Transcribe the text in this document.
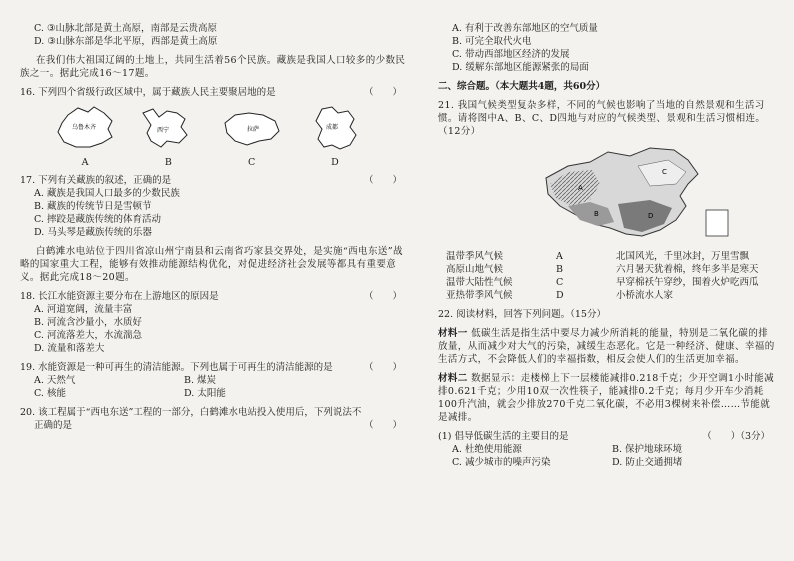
C. ③山脉北部是黄土高原，南部是云贵高原
D. ③山脉东部是华北平原，西部是黄土高原
在我们伟大祖国辽阔的土地上，共同生活着56个民族。藏族是我国人口较多的少数民族之一。据此完成16～17题。
16. 下列四个省级行政区域中，属于藏族人民主要聚居地的是	（　　）
乌鲁木齐
A
西宁
B
拉萨
C
成都
D
17. 下列有关藏族的叙述，正确的是	（　　）
A. 藏族是我国人口最多的少数民族
B. 藏族的传统节日是雪顿节
C. 摔跤是藏族传统的体育活动
D. 马头琴是藏族传统的乐器
白鹤滩水电站位于四川省凉山州宁南县和云南省巧家县交界处，是实施“西电东送”战略的国家重大工程，能够有效推动能源结构优化，对促进经济社会发展等都具有重要意义。据此完成18～20题。
18. 长江水能资源主要分布在上游地区的原因是	（　　）
A. 河道宽阔，流量丰富
B. 河流含沙量小，水质好
C. 河流落差大，水流湍急
D. 流量和落差大
19. 水能资源是一种可再生的清洁能源。下列也属于可再生的清洁能源的是	（　　）
A. 天然气	B. 煤炭
C. 核能	D. 太阳能
20. 该工程属于“西电东送”工程的一部分，白鹤滩水电站投入使用后，下列说法不
正确的是	（　　）
A. 有利于改善东部地区的空气质量
B. 可完全取代火电
C. 带动西部地区经济的发展
D. 缓解东部地区能源紧张的局面
二、综合题。（本大题共4题，共60分）
21. 我国气候类型复杂多样，不同的气候也影响了当地的自然景观和生活习惯。请将图中A、B、C、D四地与对应的气候类型、景观和生活习惯相连。（12分）
A
B
C
D
温带季风气候	A	北国风光，千里冰封，万里雪飘
高原山地气候	B	六月暑天犹着棉，终年多半是寒天
温带大陆性气候	C	早穿棉袄午穿纱，围着火炉吃西瓜
亚热带季风气候	D	小桥流水人家
22. 阅读材料，回答下列问题。（15分）
材料一 低碳生活是指生活中要尽力减少所消耗的能量，特别是二氧化碳的排放量，从而减少对大气的污染，减缓生态恶化。它是一种经济、健康、幸福的生活方式，不会降低人们的幸福指数，相反会使人们的生活更加幸福。
材料二 数据显示：走楼梯上下一层楼能减排0.218千克；少开空调1小时能减排0.621千克；少用10双一次性筷子，能减排0.2千克；每月少开车少消耗100升汽油，就会少排放270千克二氧化碳，不必用3棵树来补偿……节能就是减排。
(1) 倡导低碳生活的主要目的是	（　　）（3分）
A. 杜绝使用能源	B. 保护地球环境
C. 减少城市的噪声污染	D. 防止交通拥堵
